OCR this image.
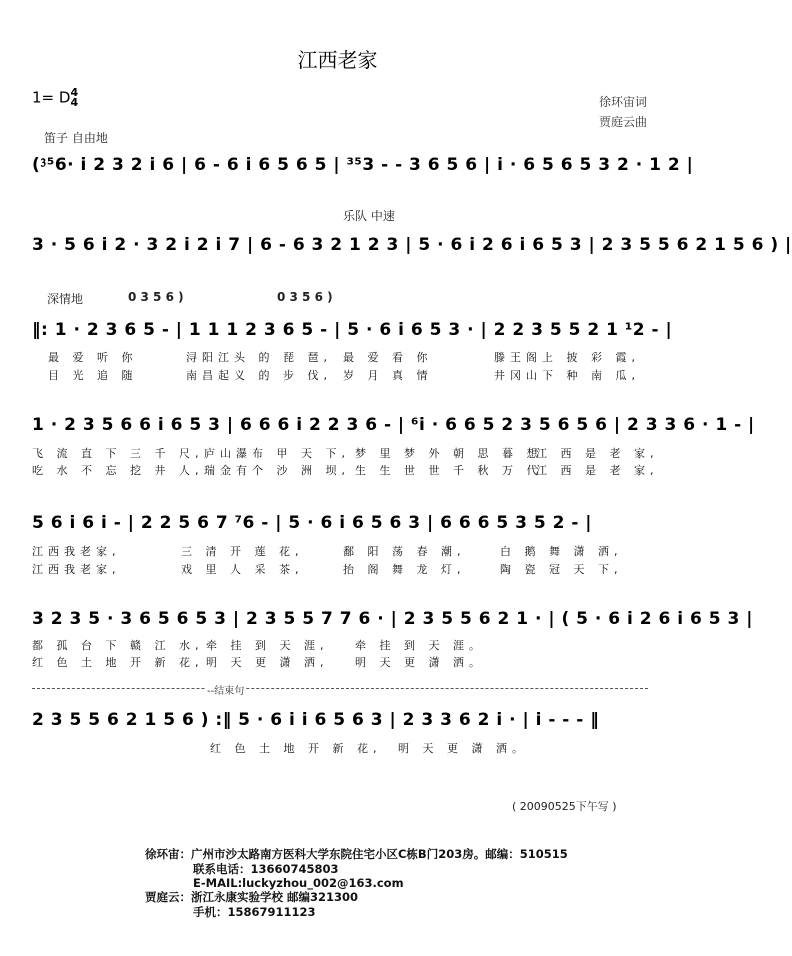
江西老家
1= D4
4	徐环宙词
贾庭云曲
笛子 自由地
(⁳⁵6· i 2 3 2 i 6 | 6 - 6 i 6 5 6 5 | ³⁵3 - - 3 6 5 6 | i · 6 5 6 5 3 2 · 1 2 |
乐队 中速
3 · 5 6 i 2 · 3 2 i 2 i 7 | 6 - 6 3 2 1 2 3 | 5 · 6 i 2 6 i 6 5 3 | 2 3 5 5 6 2 1 5 6 ) |
深情地	0 3 5 6 )	0 3 5 6 )
‖: 1 · 2 3 6 5 - | 1 1 1 2 3 6 5 - | 5 · 6 i 6 5 3 · | 2 2 3 5 5 2 1 ¹2 - |
最 爱 听 你	浔阳江头 的 琵 琶, 最 爱 看 你	滕王阁上 披 彩 霞,
目 光 追 随	南昌起义 的 步 伐, 岁 月 真 情	井冈山下 种 南 瓜,
1 · 2 3 5 6 6 i 6 5 3 | 6 6 6 i 2 2 3 6 - | ⁶i · 6 6 5 2 3 5 6 5 6 | 2 3 3 6 · 1 - |
飞 流 直 下 三 千 尺, 庐山瀑布 甲 天 下, 梦 里 梦 外 朝 思 暮 想
江 西 是 老 家,
吃 水 不 忘 挖 井 人, 瑞金有个 沙 洲 坝, 生 生 世 世 千 秋 万 代
江 西 是 老 家,
5 6 i 6 i - | 2 2 5 6 7 ⁷6 - | 5 · 6 i 6 5 6 3 | 6 6 6 5 3 5 2 - |
江西我老家,	三 清 开 莲 花,	鄱 阳 荡 春 潮,	白 鹅 舞 潇 洒,
江西我老家,	戏 里 人 采 茶,	抬 阁 舞 龙 灯,	陶 瓷 冠 天 下,
3 2 3 5 · 3 6 5 6 5 3 | 2 3 5 5 7 7 6 · | 2 3 5 5 6 2 1 · | ( 5 · 6 i 2 6 i 6 5 3 |
都 孤 台 下 赣 江 水, 牵 挂 到 天 涯, 牵 挂 到 天 涯。
红 色 土 地 开 新 花, 明 天 更 潇 洒, 明 天 更 潇 洒。
--结束句
2 3 5 5 6 2 1 5 6 ) :‖ 5 · 6 i i 6 5 6 3 | 2 3 3 6 2 i · | i - - - ‖
红 色 土 地 开 新 花, 明 天 更 潇 洒。
( 20090525下午写 )
徐环宙：广州市沙太路南方医科大学东院住宅小区C栋B门203房。邮编：510515
联系电话：13660745803
E-MAIL:luckyzhou_002@163.com
贾庭云：浙江永康实验学校 邮编321300
手机：15867911123
